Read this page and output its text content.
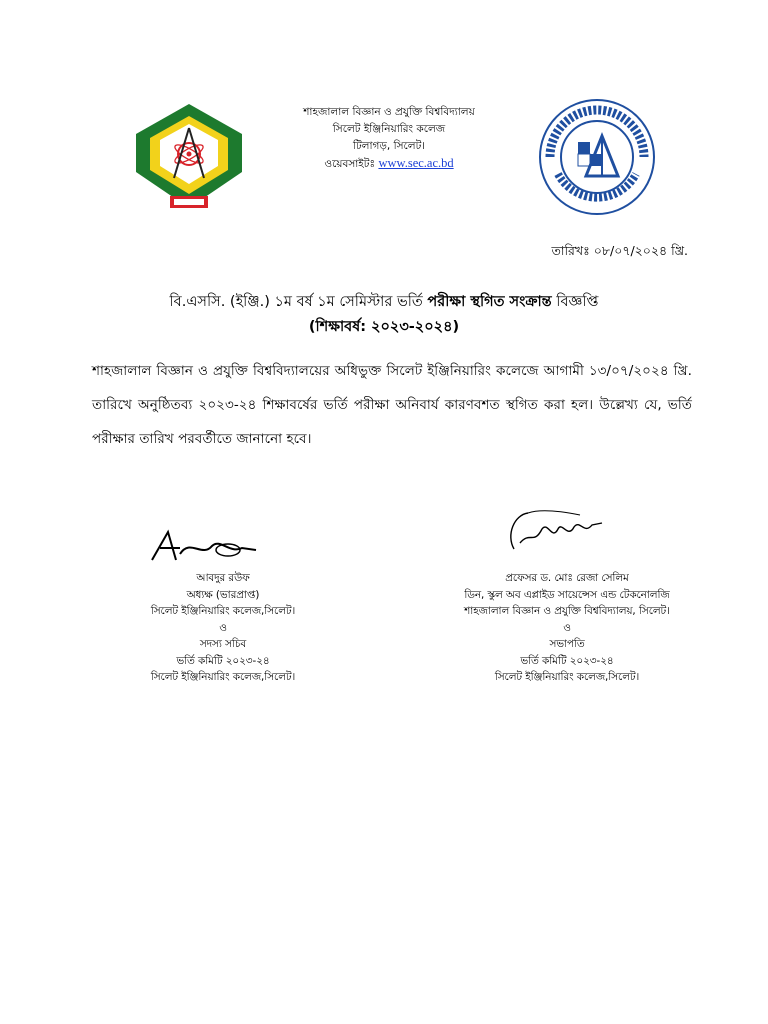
শাহজালাল বিজ্ঞান ও প্রযুক্তি বিশ্ববিদ্যালয়
সিলেট ইঞ্জিনিয়ারিং কলেজ
টিলাগড়, সিলেট।
ওয়েবসাইটঃ www.sec.ac.bd
তারিখঃ ০৮/০৭/২০২৪ খ্রি.
বি.এসসি. (ইঞ্জি.) ১ম বর্ষ ১ম সেমিস্টার ভর্তি পরীক্ষা স্থগিত সংক্রান্ত বিজ্ঞপ্তি
(শিক্ষাবর্ষ: ২০২৩-২০২৪)
শাহজালাল বিজ্ঞান ও প্রযুক্তি বিশ্ববিদ্যালয়ের অধিভুক্ত সিলেট ইঞ্জিনিয়ারিং কলেজে আগামী ১৩/০৭/২০২৪ খ্রি. তারিখে অনুষ্ঠিতব্য ২০২৩-২৪ শিক্ষাবর্ষের ভর্তি পরীক্ষা অনিবার্য কারণবশত স্থগিত করা হল। উল্লেখ্য যে, ভর্তি পরীক্ষার তারিখ পরবর্তীতে জানানো হবে।
আবদুর রউফ
অধ্যক্ষ (ভারপ্রাপ্ত)
সিলেট ইঞ্জিনিয়ারিং কলেজ,সিলেট।
ও
সদস্য সচিব
ভর্তি কমিটি ২০২৩-২৪
সিলেট ইঞ্জিনিয়ারিং কলেজ,সিলেট।
প্রফেসর ড. মোঃ রেজা সেলিম
ডিন, স্কুল অব এপ্লাইড সায়েন্সেস এন্ড টেকনোলজি
শাহজালাল বিজ্ঞান ও প্রযুক্তি বিশ্ববিদ্যালয়, সিলেট।
ও
সভাপতি
ভর্তি কমিটি ২০২৩-২৪
সিলেট ইঞ্জিনিয়ারিং কলেজ,সিলেট।
